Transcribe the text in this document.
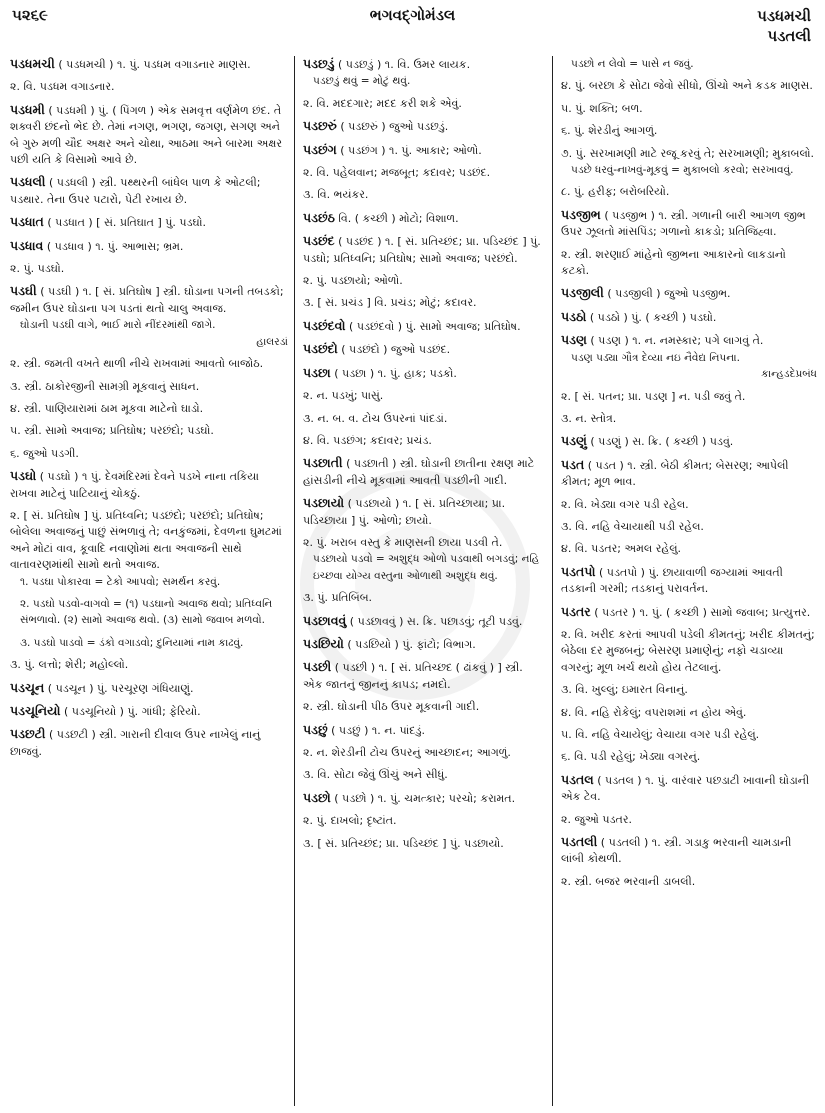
૫૨૬૯	ભગવદ્ગોમંડલ	પડધમચી
પડતલી
પડધમચી ( પડધમચી ) ૧. પું. પડધમ વગાડનાર માણસ.
૨. વિ. પડધમ વગાડનાર.
પડધમી ( પડધમી ) પું. ( પિંગળ ) એક સમવૃત્ત વર્ણમેળ છંદ. તે શક્વરી છંદનો ભેદ છે. તેમાં નગણ, ભગણ, જગણ, સગણ અને બે ગુરુ મળી ચૌદ અક્ષર અને ચોથા, આઠમા અને બારમા અક્ષર પછી યતિ કે વિસામો આવે છે.
પડધલી ( પડધલી ) સ્ત્રી. પથ્થરની બાંધેલ પાળ કે ઓટલી; પડથાર. તેના ઉપર પટારો, પેટી રખાય છે.
પડધાત ( પડધાત ) [ સં. પ્રતિઘાત ] પું. પડઘો.
પડધાવ ( પડધાવ ) ૧. પું. આભાસ; ભ્રમ.
૨. પું. પડઘો.
પડઘી ( પડઘી ) ૧. [ સં. પ્રતિઘોષ ] સ્ત્રી. ઘોડાના પગની તબડકો; જમીન ઉપર ઘોડાના પગ પડતાં થતો ચાલુ અવાજ.
ઘોડાની પડઘી વાગે, ભાઈ મારો નીંદરમાંથી જાગે.
હાલરડાં
૨. સ્ત્રી. જમતી વખતે થાળી નીચે રાખવામાં આવતો બાજોઠ.
૩. સ્ત્રી. ઠાકોરજીની સામગ્રી મૂકવાનું સાધન.
૪. સ્ત્રી. પાણિયારામાં ઠામ મૂકવા માટેનો ઘાડો.
૫. સ્ત્રી. સામો અવાજ; પ્રતિઘોષ; પરછંદો; પડઘો.
૬. જુઓ પડગી.
પડઘો ( પડઘો ) ૧ પું. દેવમંદિરમાં દેવને પડખે નાના તકિયા રાખવા માટેનું પાટિયાનું ચોકઠું.
૨. [ સં. પ્રતિઘોષ ] પું. પ્રતિધ્વનિ; પડછંદો; પરછંદો; પ્રતિઘોષ; બોલેલા અવાજનું પાછું સંભળાવું તે; વનકુંજમાં, દેવળના ઘુમટમાં અને મોટાં વાવ, કૂવાદિ નવાણોમાં થતા અવાજની સાથે વાતાવરણમાંથી સામો થતો અવાજ.
૧. પડઘા પોકારવા = ટેકો આપવો; સમર્થન કરવું.
૨. પડઘો પડવો-વાગવો = (૧) પડઘાનો અવાજ થવો; પ્રતિધ્વનિ સંભળાવો. (૨) સામો અવાજ થવો. (૩) સામો જવાબ મળવો.
૩. પડઘો પાડવો = ડંકો વગાડવો; દુનિયામાં નામ કાઢવું.
૩. પું. લત્તો; શેરી; મહોલ્લો.
પડચૂન ( પડચૂન ) પું. પરચૂરણ ગંધિયાણું.
પડચૂનિયો ( પડચૂનિયો ) પું. ગાંધી; ફેરિયો.
પડછટી ( પડછટી ) સ્ત્રી. ગારાની દીવાલ ઉપર નાખેલું નાનું છાજવું.
પડછડું ( પડછડું ) ૧. વિ. ઉમર લાયક.
પડછડું થવું = મોટું થવું.
૨. વિ. મદદગાર; મદદ કરી શકે એવું.
પડછરું ( પડછરું ) જુઓ પડછડું.
પડછંગ ( પડછંગ ) ૧. પું. આકાર; ઓળો.
૨. વિ. પહેલવાન; મજબૂત; કદાવર; પડછંદ.
૩. વિ. ભયંકર.
પડછંઠ વિ. ( કચ્છી ) મોટો; વિશાળ.
પડછંદ ( પડછંદ ) ૧. [ સં. પ્રતિચ્છંદ; પ્રા. પડિચ્છંદ ] પું. પડઘો; પ્રતિધ્વનિ; પ્રતિઘોષ; સામો અવાજ; પરછંદો.
૨. પું. પડછાયો; ઓળો.
૩. [ સં. પ્રચંડ ] વિ. પ્રચંડ; મોટું; કદાવર.
પડછંદવો ( પડછંદવો ) પું. સામો અવાજ; પ્રતિઘોષ.
પડછંદો ( પડછંદો ) જુઓ પડછંદ.
પડછા ( પડછા ) ૧. પું. હાક; પડકો.
૨. ન. પડખું; પાસું.
૩. ન. બ. વ. ટોચ ઉપરનાં પાંદડાં.
૪. વિ. પડછંગ; કદાવર; પ્રચંડ.
પડછાતી ( પડછાતી ) સ્ત્રી. ઘોડાની છાતીના રક્ષણ માટે હાંસડીની નીચે મૂકવામાં આવતી પડછીની ગાદી.
પડછાયો ( પડછાયો ) ૧. [ સં. પ્રતિચ્છાયા; પ્રા. પડિચ્છાયા ] પું. ઓળો; છાયો.
૨. પું. ખરાબ વસ્તુ કે માણસની છાયા પડવી તે.
પડછાયો પડવો = અશુદ્ધ ઓળો પડવાથી બગડવું; નહિ ઇચ્છવા યોગ્ય વસ્તુના ઓળાથી અશુદ્ધ થવું.
૩. પું. પ્રતિબિંબ.
પડછાવવું ( પડછાવવું ) સ. ક્રિ. પછાડવું; તૂટી પડવું.
પડછિયો ( પડછિયો ) પું. ફાંટો; વિભાગ.
પડછી ( પડછી ) ૧. [ સં. પ્રતિચ્છદ ( ઢાંકવું ) ] સ્ત્રી. એક જાતનું જીનનું કાપડ; નમદો.
૨. સ્ત્રી. ઘોડાની પીઠ ઉપર મૂકવાની ગાદી.
પડછું ( પડછું ) ૧. ન. પાંદડું.
૨. ન. શેરડીની ટોચ ઉપરનું આચ્છાદન; આગળું.
૩. વિ. સોટા જેવું ઊંચું અને સીધું.
પડછો ( પડછો ) ૧. પું. ચમત્કાર; પરચો; કરામત.
૨. પું. દાખલો; દૃષ્ટાંત.
૩. [ સં. પ્રતિચ્છંદ; પ્રા. પડિચ્છંદ ] પું. પડછાયો.
પડછો ન લેવો = પાસે ન જવું.
૪. પું. બરછા કે સોટા જેવો સીધો, ઊંચો અને કડક માણસ.
૫. પું. શક્તિ; બળ.
૬. પું. શેરડીનું આગળું.
૭. પું. સરખામણી માટે રજૂ કરવું તે; સરખામણી; મુકાબલો.
પડછે ધરવું-નાખવું-મૂકવું = મુકાબલો કરવો; સરખાવવું.
૮. પું. હરીફ; બરોબરિયો.
પડજીભ ( પડજીભ ) ૧. સ્ત્રી. ગળાની બારી આગળ જીભ ઉપર ઝૂલતો માંસપિંડ; ગળાનો કાકડો; પ્રતિજિહ્વા.
૨. સ્ત્રી. શરણાઈ માંહેનો જીભના આકારનો લાકડાનો કટકો.
પડજીલી ( પડજીલી ) જુઓ પડજીભ.
પડઠો ( પડઠો ) પું. ( કચ્છી ) પડઘો.
પડણ ( પડણ ) ૧. ન. નમસ્કાર; પગે લાગવું તે.
પડણ પડ્યા ગૌત્ર દેવ્યા નઇ નૈવેદ્ય નિપના.
કાન્હડદેપ્રબંધ
૨. [ સં. પતન; પ્રા. પડણ ] ન. પડી જવું તે.
૩. ન. સ્તોત્ર.
પડણું ( પડણું ) સ. ક્રિ. ( કચ્છી ) પડવું.
પડત ( પડત ) ૧. સ્ત્રી. બેઠી કીમત; બેસરણ; આપેલી કીમત; મૂળ ભાવ.
૨. વિ. ખેડ્યા વગર પડી રહેલ.
૩. વિ. નહિ વેચાયાથી પડી રહેલ.
૪. વિ. પડતર; અમલ રહેલું.
પડતપો ( પડતપો ) પું. છાયાવાળી જગ્યામાં આવતી તડકાની ગરમી; તડકાનું પરાવર્તન.
પડતર ( પડતર ) ૧. પું. ( કચ્છી ) સામો જવાબ; પ્રત્યુત્તર.
૨. વિ. ખરીદ કરતાં આપવી પડેલી કીમતનું; ખરીદ કીમતનું; બેઠેલા દર મુજબનું; બેસરણ પ્રમાણેનું; નફો ચડાવ્યા વગરનું; મૂળ ખર્ચ થયો હોય તેટલાનું.
૩. વિ. ખુલ્લું; ઇમારત વિનાનું.
૪. વિ. નહિ રોકેલું; વપરાશમાં ન હોય એવું.
૫. વિ. નહિ વેચાયેલું; વેચાયા વગર પડી રહેલું.
૬. વિ. પડી રહેલું; ખેડ્યા વગરનું.
પડતલ ( પડતલ ) ૧. પું. વારંવાર પછડાટી ખાવાની ઘોડાની એક ટેવ.
૨. જુઓ પડતર.
પડતલી ( પડતલી ) ૧. સ્ત્રી. ગડાકુ ભરવાની ચામડાની લાંબી કોથળી.
૨. સ્ત્રી. બજર ભરવાની ડાબલી.
